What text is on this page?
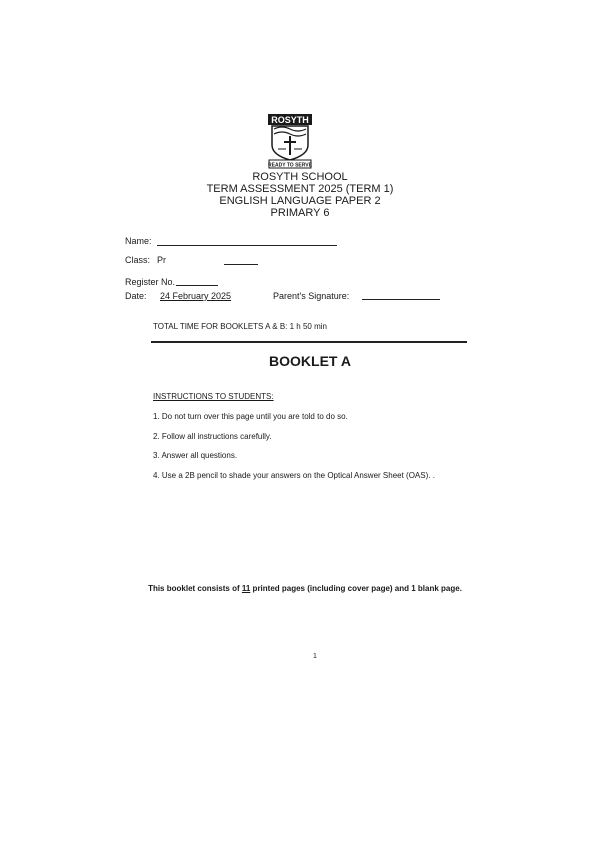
ROSYTH
READY TO SERVE
ROSYTH SCHOOL
TERM ASSESSMENT 2025 (TERM 1)
ENGLISH LANGUAGE PAPER 2
PRIMARY 6
Name:
Class: Pr
Register No.
Date: 24 February 2025	Parent's Signature:
TOTAL TIME FOR BOOKLETS A & B: 1 h 50 min
BOOKLET A
INSTRUCTIONS TO STUDENTS:
1. Do not turn over this page until you are told to do so.
2. Follow all instructions carefully.
3. Answer all questions.
4. Use a 2B pencil to shade your answers on the Optical Answer Sheet (OAS). .
This booklet consists of 11 printed pages (including cover page) and 1 blank page.
1
